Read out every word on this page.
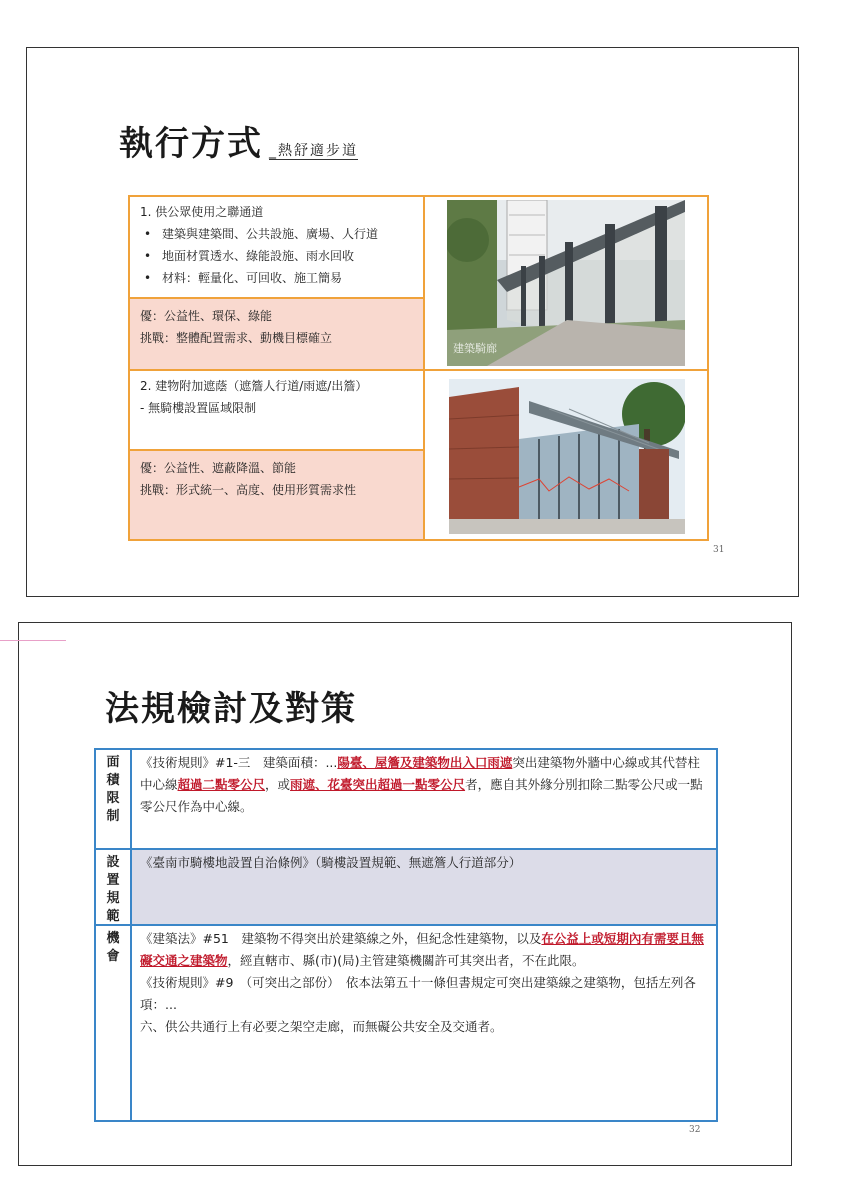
執行方式 _熱舒適步道
1. 供公眾使用之聯通道
• 建築與建築間、公共設施、廣場、人行道
• 地面材質透水、綠能設施、雨水回收
• 材料：輕量化、可回收、施工簡易
優：公益性、環保、綠能
挑戰：整體配置需求、動機目標確立
建築騎廊
2. 建物附加遮蔭（遮簷人行道/雨遮/出簷）
- 無騎樓設置區域限制
優：公益性、遮蔽降溫、節能
挑戰：形式統一、高度、使用形質需求性
31
法規檢討及對策
面積限制
《技術規則》#1-三　建築面積：...陽臺、屋簷及建築物出入口雨遮突出建築物外牆中心線或其代替柱中心線超過二點零公尺，或雨遮、花臺突出超過一點零公尺者，應自其外緣分別扣除二點零公尺或一點零公尺作為中心線。
設置規範
《臺南市騎樓地設置自治條例》（騎樓設置規範、無遮簷人行道部分）
機會
《建築法》#51　建築物不得突出於建築線之外，但紀念性建築物，以及在公益上或短期內有需要且無礙交通之建築物，經直轄市、縣(市)(局)主管建築機關許可其突出者，不在此限。
《技術規則》#9　（可突出之部份）　依本法第五十一條但書規定可突出建築線之建築物，包括左列各項：...
六、供公共通行上有必要之架空走廊，而無礙公共安全及交通者。
32
